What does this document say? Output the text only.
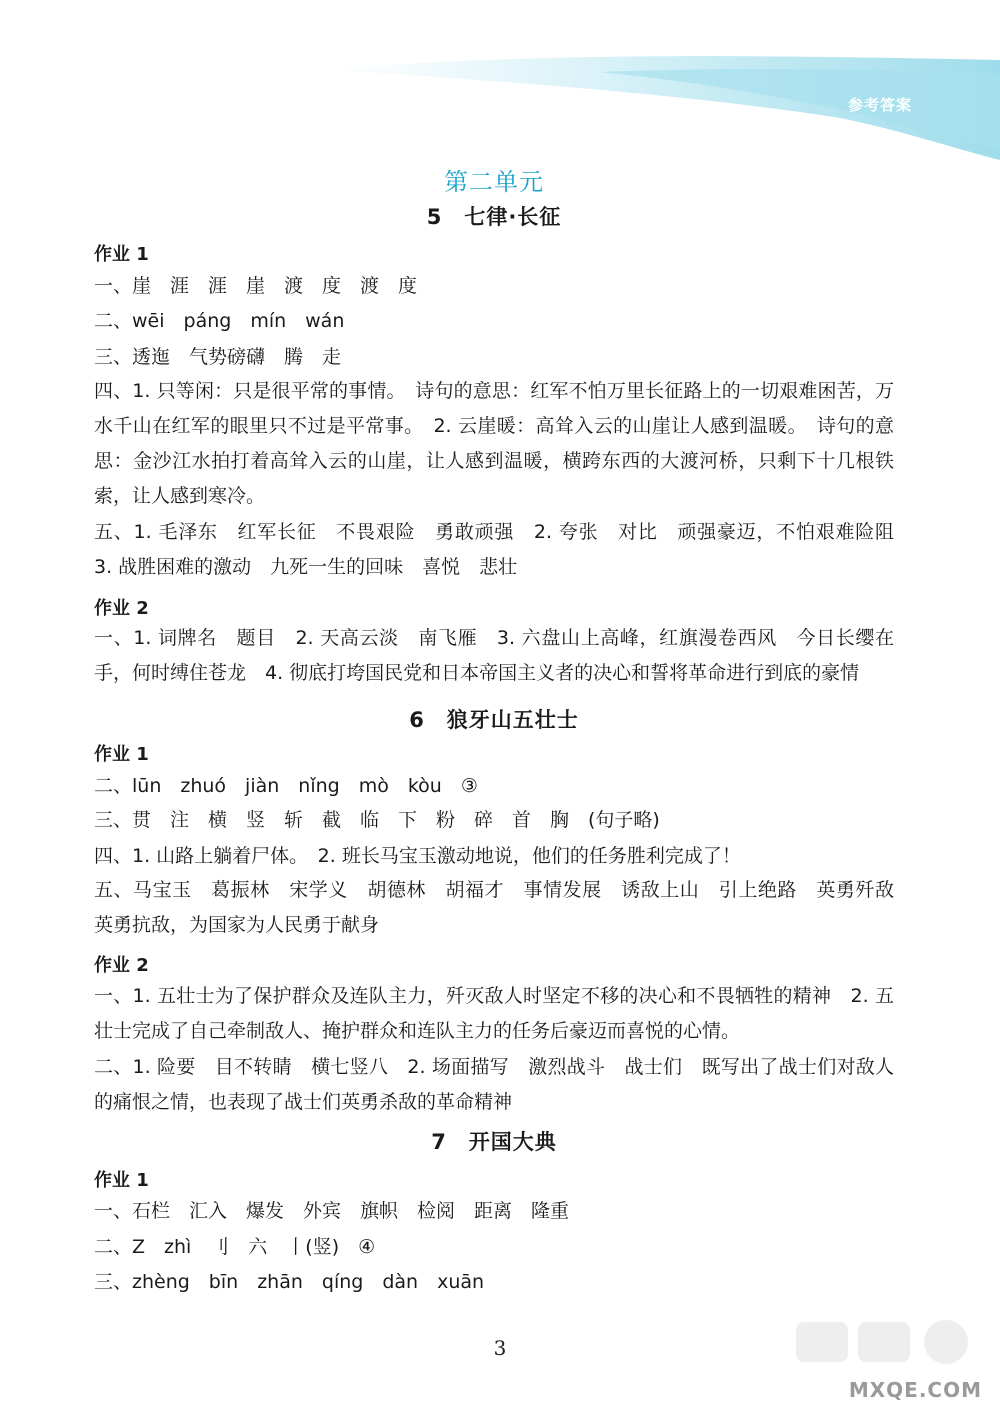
参考答案
第二单元
5　七律·长征
作业 1
一、崖　涯　涯　崖　渡　度　渡　度
二、wēi　páng　mín　wán
三、透迤　气势磅礴　腾　走
四、1. 只等闲：只是很平常的事情。　诗句的意思：红军不怕万里长征路上的一切艰难困苦，万水千山在红军的眼里只不过是平常事。　2. 云崖暖：高耸入云的山崖让人感到温暖。　诗句的意思：金沙江水拍打着高耸入云的山崖，让人感到温暖，横跨东西的大渡河桥，只剩下十几根铁索，让人感到寒冷。
五、1. 毛泽东　红军长征　不畏艰险　勇敢顽强　2. 夸张　对比　顽强豪迈，不怕艰难险阻　3. 战胜困难的激动　九死一生的回味　喜悦　悲壮
作业 2
一、1. 词牌名　题目　2. 天高云淡　南飞雁　3. 六盘山上高峰，红旗漫卷西风　今日长缨在手，何时缚住苍龙　4. 彻底打垮国民党和日本帝国主义者的决心和誓将革命进行到底的豪情
6　狼牙山五壮士
作业 1
二、lūn　zhuó　jiàn　nǐng　mò　kòu　③
三、贯　注　横　竖　斩　截　临　下　粉　碎　首　胸　(句子略)
四、1. 山路上躺着尸体。　2. 班长马宝玉激动地说，他们的任务胜利完成了！
五、马宝玉　葛振林　宋学义　胡德林　胡福才　事情发展　诱敌上山　引上绝路　英勇歼敌　英勇抗敌，为国家为人民勇于献身
作业 2
一、1. 五壮士为了保护群众及连队主力，歼灭敌人时坚定不移的决心和不畏牺牲的精神　2. 五壮士完成了自己牵制敌人、掩护群众和连队主力的任务后豪迈而喜悦的心情。
二、1. 险要　目不转睛　横七竖八　2. 场面描写　激烈战斗　战士们　既写出了战士们对敌人的痛恨之情，也表现了战士们英勇杀敌的革命精神
7　开国大典
作业 1
一、石栏　汇入　爆发　外宾　旗帜　检阅　距离　隆重
二、Z　zhì　刂　六　丨(竖)　④
三、zhèng　bīn　zhān　qíng　dàn　xuān
3
MXQE.COM
